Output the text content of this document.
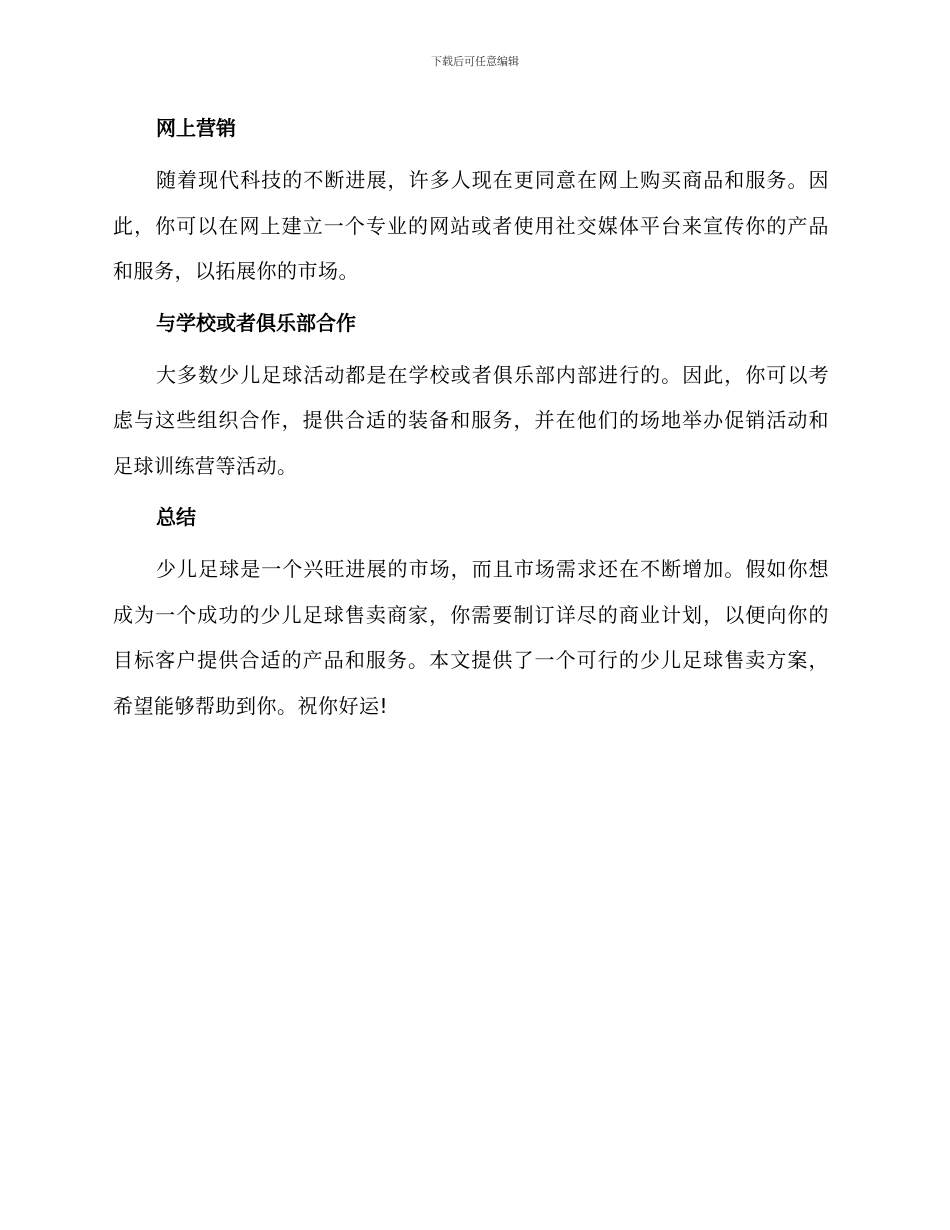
下载后可任意编辑
网上营销

随着现代科技的不断进展，许多人现在更同意在网上购买商品和服务。因此，你可以在网上建立一个专业的网站或者使用社交媒体平台来宣传你的产品和服务，以拓展你的市场。

与学校或者俱乐部合作

大多数少儿足球活动都是在学校或者俱乐部内部进行的。因此，你可以考虑与这些组织合作，提供合适的装备和服务，并在他们的场地举办促销活动和足球训练营等活动。

总结

少儿足球是一个兴旺进展的市场，而且市场需求还在不断增加。假如你想成为一个成功的少儿足球售卖商家，你需要制订详尽的商业计划，以便向你的目标客户提供合适的产品和服务。本文提供了一个可行的少儿足球售卖方案，希望能够帮助到你。祝你好运!
